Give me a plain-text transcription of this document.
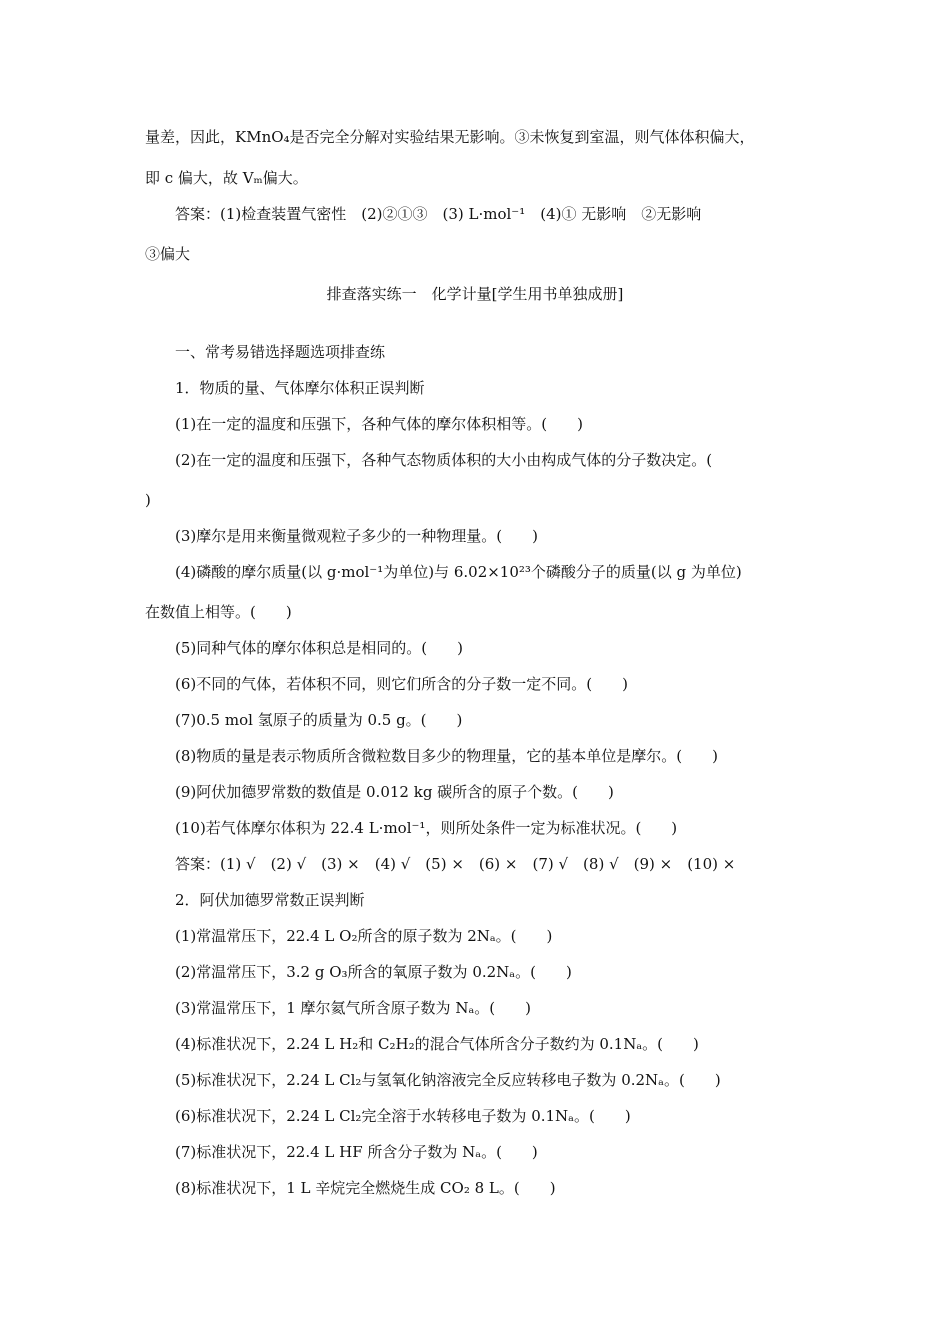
量差，因此，KMnO₄是否完全分解对实验结果无影响。③未恢复到室温，则气体体积偏大，
即 c 偏大，故 Vₘ偏大。
答案：(1)检查装置气密性　(2)②①③　(3) L·mol⁻¹　(4)① 无影响　②无影响
③偏大
排查落实练一　化学计量[学生用书单独成册]
一、常考易错选择题选项排查练
1．物质的量、气体摩尔体积正误判断
(1)在一定的温度和压强下，各种气体的摩尔体积相等。(　　)
(2)在一定的温度和压强下，各种气态物质体积的大小由构成气体的分子数决定。(
)
(3)摩尔是用来衡量微观粒子多少的一种物理量。(　　)
(4)磷酸的摩尔质量(以 g·mol⁻¹为单位)与 6.02×10²³个磷酸分子的质量(以 g 为单位)
在数值上相等。(　　)
(5)同种气体的摩尔体积总是相同的。(　　)
(6)不同的气体，若体积不同，则它们所含的分子数一定不同。(　　)
(7)0.5 mol 氢原子的质量为 0.5 g。(　　)
(8)物质的量是表示物质所含微粒数目多少的物理量，它的基本单位是摩尔。(　　)
(9)阿伏加德罗常数的数值是 0.012 kg 碳所含的原子个数。(　　)
(10)若气体摩尔体积为 22.4 L·mol⁻¹，则所处条件一定为标准状况。(　　)
答案：(1) √　(2) √　(3) ×　(4) √　(5) ×　(6) ×　(7) √　(8) √　(9) ×　(10) ×
2．阿伏加德罗常数正误判断
(1)常温常压下，22.4 L O₂所含的原子数为 2Nₐ。(　　)
(2)常温常压下，3.2 g O₃所含的氧原子数为 0.2Nₐ。(　　)
(3)常温常压下，1 摩尔氦气所含原子数为 Nₐ。(　　)
(4)标准状况下，2.24 L H₂和 C₂H₂的混合气体所含分子数约为 0.1Nₐ。(　　)
(5)标准状况下，2.24 L Cl₂与氢氧化钠溶液完全反应转移电子数为 0.2Nₐ。(　　)
(6)标准状况下，2.24 L Cl₂完全溶于水转移电子数为 0.1Nₐ。(　　)
(7)标准状况下，22.4 L HF 所含分子数为 Nₐ。(　　)
(8)标准状况下，1 L 辛烷完全燃烧生成 CO₂ 8 L。(　　)
